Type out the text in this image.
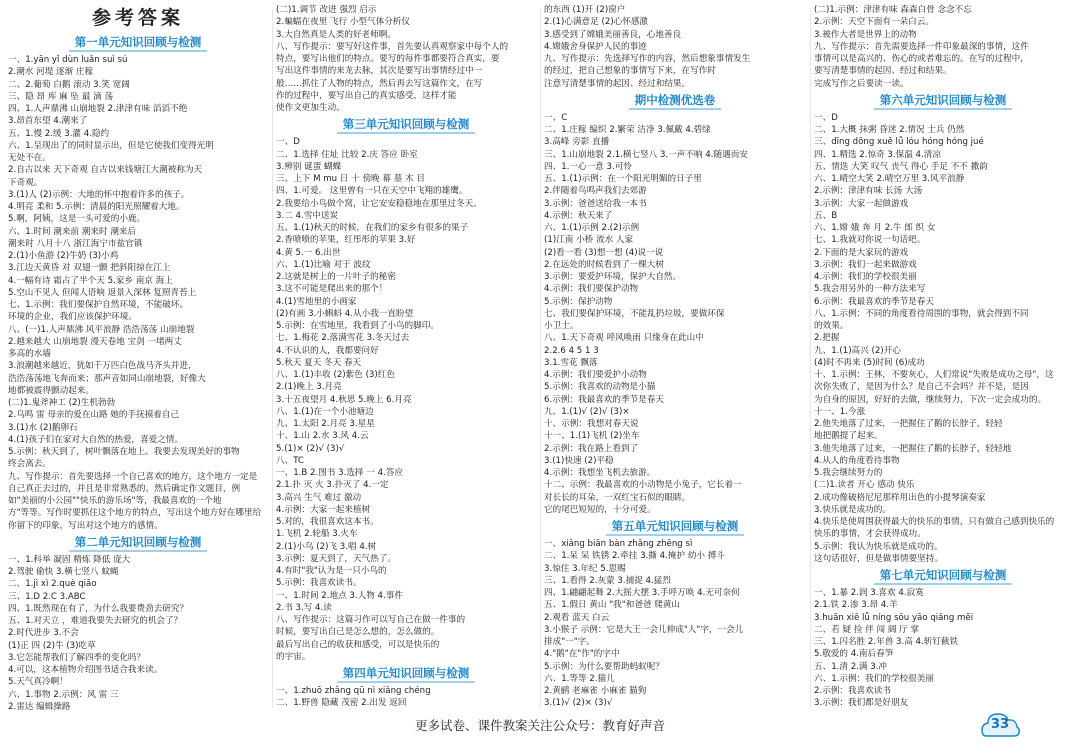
参考答案
第一单元知识回顾与检测
一、1.yān yǐ dùn luǎn suì sú
2.潮水 河堤 逐渐 庄稼
二、2.葡萄 白鹅 滚动 3.笑 宽阔
三、隐 昂 库 麻 坠 最 滴 荡
四、1.人声鼎沸 山崩地裂 2.津津有味 滔滔不绝
3.昂首东望 4.潮来了
五、1.慢 2.缓 3.灌 4.隐约
六、1.呈现出了的同时显示出，但是它使我们变得光明
无处不在。
2.自古以来 天下奇观 自古以来钱塘江大潮被称为天
下奇观。
3.(1)人 (2)示例：大地的怀中抱着许多的孩子。
4.明亮 柔和 5.示例：清晨的阳光照耀着大地。
5.啊，阿姨，这是一头可爱的小鹿。
六、1.时间 潮来前 潮来时 潮来后
潮来时 八月十八 浙江海宁市盐官镇
2.(1)小鱼游 (2)牛奶 (3)小鸡
3.江边天黄昏 对 双翅一颤 把斜阳掠在江上
4.一幅有诗 霜占了半个天 5.家乡 南京 海上
5.空山不见人 但闻人语响 返景入深林 复照青苔上
七、1.示例：我们要保护自然环境，不能破坏。
环境的企业，我们应该保护环境。
八、(一)1.人声鼎沸 风平浪静 浩浩荡荡 山崩地裂
2.越来越大 山崩地裂 漫天卷地 宝剑 一堵两丈
多高的水墙
3.浪潮越来越近，犹如千万匹白色战马齐头并进，
浩浩荡荡地飞奔而来；那声音如同山崩地裂，好像大
地都被震得颤动起来。
(二)1.鬼斧神工 (2)生机勃勃
2.乌鸣 雷 母亲的爱在山路 她的手抚摸着自己
3.(1)水 (2)鹅卵石
4.(1)孩子们在家对大自然的热爱，喜爱之情。
5.示例：秋天到了，树叶飘落在地上。我要去发现美好的事物
终会离去。
九、写作提示：首先要选择一个自己喜欢的地方，这个地方一定是
自己真正去过的，并且是非常熟悉的。然后确定作文题目，例
如"美丽的小公园""快乐的游乐场"等，我最喜欢的一个地
方"等等。写作时要抓住这个地方的特点，写出这个地方好在哪里给
你留下的印象，写出对这个地方的感情。
第二单元知识回顾与检测
一、1.科举 凝固 精炼 降低 庞大
2.驾驶 偷快 3.横七竖八 蚊蝇
二、1.jì xì 2.què qiāo
三、1.D 2.C 3.ABC
四、1.既然现在有了，为什么我要费劲去研究？
五、1.对天立 ，难道我要失去研究的机会了？
2.时代进步 3.不会
(1)正 四 (2)牛 (3)吃草
3.它怎能帮我们了解四季的变化吗？
4.可以，这本植物介绍图书适合我来读。
5.天气真冷啊！
六、1.事物 2.示例：风 雷 三
2.雷达 编辑操路
(二)1.调节 改进 强烈 启示
2.蝙蝠在夜里 飞行 小型气体分析仪
3.大自然真是人类的好老师啊。
八、写作提示：要写好这件事，首先要认真观察家中每个人的
特点，要写出他们的特点。要写的每件事都要符合真实，要
写出这件事情的来龙去脉，其次是要写出事情经过中一
般……抓住了人物的特点，然后再去写这篇作文，在写
作的过程中，要写出自己的真实感受，这样才能
使作文更加生动。
第三单元知识回顾与检测
一、D
二、1.选择 住址 比较 2.庆 答应 卧室
3.辨别 诞蛋 蝴蝶
三、上下 M mu 日 十 傍晚 幕 墓 木 目
四、1.可爱。 这里曾有一只在天空中飞翔的雄鹰。
2.我要给小鸟做个窝，让它安安稳稳地在那里过冬天。
3.二 4.雪中送炭
五、1.(1)秋天的时候，在我们的家乡有很多的果子
2.香喷喷的苹果，红彤彤的苹果 3.好
4.黄 5.一 6.出世
六、1.(1)比喻 对于 波纹
2.这就是树上的一片叶子的秘密
3.这不可能是爬出来的那个！
4.(1)雪地里的小画家
(2)有画 3.小蝌蚪 4.从小我一直盼望
5.示例：在雪地里，我看到了小鸟的脚印。
七、1.梅花 2.落满雪花 3.冬天过去
4.不认识的人，我都要问好
5.秋天 夏天 冬天 春天
八、1.(1)丰收 (2)紫色 (3)红色
2.(1)晚上 3.月亮
3.十五夜望月 4.秋思 5.晚上 6.月亮
八、1.(1)在一个小池塘边
九、1.太阳 2.月亮 3.星星
十、1.山 2.水 3.风 4.云
5.(1)× (2)√ (3)√
八、TC
一、1.B 2.图书 3.选择 一 4.答应
2.1.扑 灭 火 3.扑灭了 4.一定
3.高兴 生气 难过 激动
4.示例：大家一起来植树
5.对的，我很喜欢这本书。
1.飞机 2.轮船 3.火车
2.(1)小鸟 (2)飞 3.唱 4.树
3.示例：夏天到了，天气热了。
4.有时"我"认为是一只小鸟的
5.示例：我喜欢读书。
一、1.时间 2.地点 3.人物 4.事件
2.书 3.写 4.读
八、写作提示：这篇习作可以写自己在做一件事的
时候，要写出自己是怎么想的，怎么做的。
最后写出自己的收获和感受，可以是快乐的
的宇宙。
第四单元知识回顾与检测
一、1.zhuō zhǎng qū nì xiǎng chéng
二、1.野兽 隐藏 茂密 2.出发 返回
的东西 (1)开 (2)窗户
2.(1)心满意足 (2)心怀感激
3.感受到了嫦娥美丽善良，心地善良
4.嫦娥舍身保护人民的事迹
九、写作提示：先选择写作的内容，然后想象事情发生
的经过，把自己想象的事情写下来，在写作时
注意写清楚事情的起因、经过和结果。
期中检测优选卷
一、C
二、1.庄稼 编织 2.繁荣 洁净 3.佩戴 4.碧绿
3.高峰 旁影 直播
三、1.山崩地裂 2.1.横七竖八 3.一声不响 4.随遇而安
四、1.一心一意 3.可怜
五、1.(1)示例：在一个阳光明媚的日子里
2.伴随着鸟鸣声我们去郊游
3.示例：爸爸送给我一本书
4.示例：秋天来了
六、1.(1)示例 2.(2)示例
(1)江南 小桥 流水 人家
(2)看一看 (3)想一想 (4)说一说
2.在远处的时候看到了一棵大树
3.示例：要爱护环境，保护大自然。
4.示例：我们要保护动物
5.示例：保护动物
七、我们要保护环境，不能乱扔垃圾，要做环保
小卫士。
八、1.天下奇观 呼风唤雨 只缘身在此山中
2.2.6 4 5 1 3
3.1.雪花 飘落
4.示例：我们要爱护小动物
5.示例：我喜欢的动物是小猫
6.示例：我最喜欢的季节是春天
九、1.(1)√ (2)√ (3)×
十、示例：我想对春天说
十一、1.(1)飞机 (2)坐车
2.示例：我在路上看到了
3.(1)快速 (2)平稳
4.示例：我想坐飞机去旅游。
十二、示例：我最喜欢的小动物是小兔子，它长着一
对长长的耳朵，一双红宝石似的眼睛。
它的尾巴短短的，十分可爱。
第五单元知识回顾与检测
一、xiǎng biān bàn zhǎng zhēng sì
二、1.呆 呆 铁锈 2.牵挂 3.撕 4.掩护 幼小 搏斗
3.惊住 3.年纪 5.恩赐
三、1.看得 2.灰蒙 3.捕捉 4.猛烈
四、1.翩翩起舞 2.大摇大摆 3.手呼万唤 4.无可奈何
五、1.假日 黄山 "我"和爸爸 爬黄山
2.观看 蓝天 白云
3.小猴子 示例：它是大王一会儿伸成"人"字，一会儿
排成"一"字。
4."鹅"在"作"的字中
5.示例：为什么要帮助蚂蚁呢？
六、1.等等 2.猫儿
2.黄鹂 老麻雀 小麻雀 猫狗
3.(1)√ (2)× (3)√
(二)1.示例：津津有味 森森白骨 念念不忘
2.示例：天空下面有一朵白云。
3.被作大者是世界上的动物
九、写作提示：首先需要选择一件印象最深的事情，这件
事情可以是高兴的、伤心的或者难忘的。在写的过程中，
要写清楚事情的起因、经过和结果。
完成写作之后要读一读。
第六单元知识回顾与检测
一、D
二、1.大概 抹粥 昏迷 2.情况 士兵 仍然
三、dīng dōng xuě lǚ lóu hóng hóng jué
四、1.精选 2.惊奇 3.保温 4.清凉
五、情迭 大笑 叹气 丧气 得心 手足 不不 撒韵
六、1.晴空大笑 2.晴空万里 3.风平浪静
2.示例：津津有味 长汤 大汤
3.示例：大家一起做游戏
五、B
六、1.嫦 娥 奔 月 2.牛 郎 织 女
七、1.我就对你说一句话吧。
2.下面的是大家玩的游戏
3.示例：我们一起来做游戏
4.示例：我们的学校很美丽
5.我会用另外的一种方法来写
6.示例：我最喜欢的季节是春天
八、1.示例：不同的角度看待周围的事物，就会得到不同
的效果。
2.把握
九、1.(1)高兴 (2)开心
(4)时不再来 (5)时间 (6)成功
十、1.示例：王林，不要灰心，人们常说"失败是成功之母"，这
次你失败了，是因为什么？是自己不会吗？并不是，是因
为自身的原因，好好的去做，继续努力，下次一定会成功的。
十一、1.今涨
2.他失地落了过来，一把握住了鹅的长脖子，轻轻
地把鹅提了起来。
3.他失地落了过来，一把握住了鹅的长脖子，轻轻地
4.从人的角度看待事物
5.我会继续努力的
(二)1.读者 开心 感动 快乐
2.成功像破格尼尼那样用出色的小提琴演奏家
3.快乐就是成功的。
4.快乐是使周围获得最大的快乐的事情，只有做自己感到快乐的
快乐的事情，才会获得成功。
5.示例：我认为快乐就是成功的。
这句话很好，但是做事情要坚持。
第七单元知识回顾与检测
一、1.暴 2.润 3.喜欢 4.寂寞
2.1.铁 2.渗 3.昂 4.羊
3.huān xiē lǚ níng sōu yāo qiǎng mēi
二、若 疑 捡 伴 闯 阔 厅 掌
三、1.闪名胜 2.年兽 3.高 4.斩钉截铁
5.敬爱的 4.南后春笋
五、1.清 2.满 3.冲
六、1.示例：我们的学校很美丽
2.示例：我喜欢读书
3.示例：我们都是好朋友
更多试卷、课件教案关注公众号：教育好声音	33
